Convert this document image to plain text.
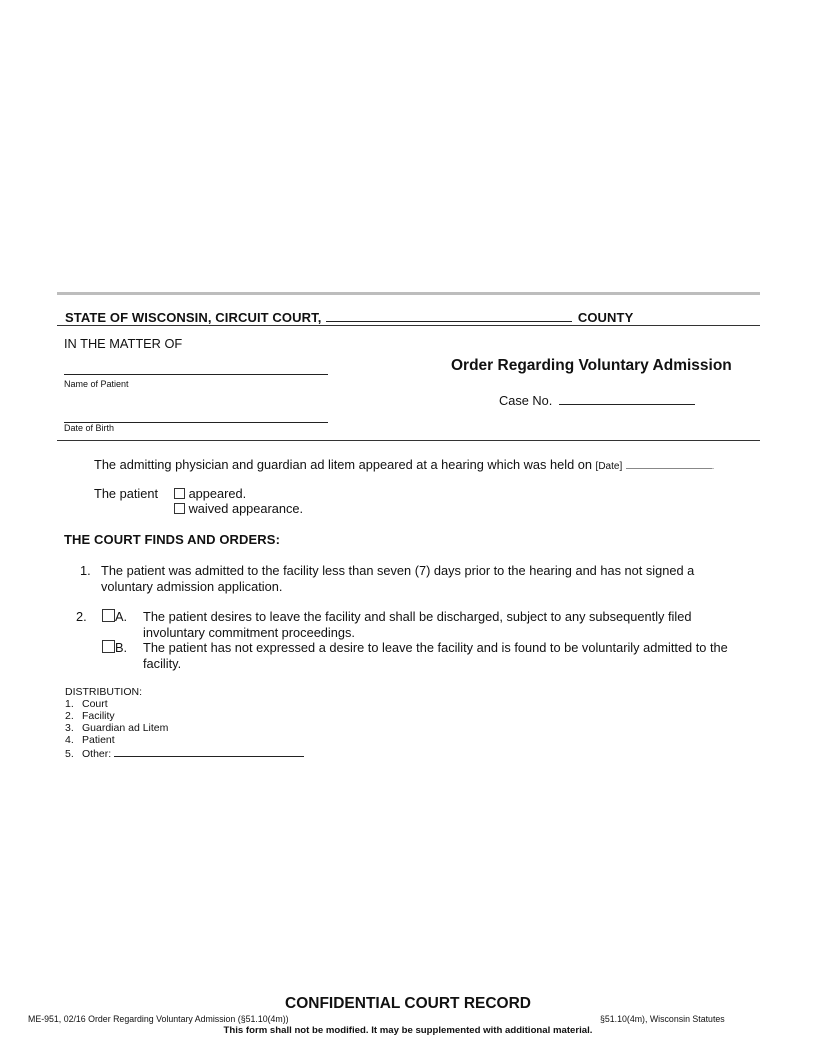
STATE OF WISCONSIN, CIRCUIT COURT,	COUNTY
IN THE MATTER OF
Name of Patient
Date of Birth
Order Regarding Voluntary Admission
Case No.
The admitting physician and guardian ad litem appeared at a hearing which was held on [Date]	.
The patient	appeared.
waived appearance.
THE COURT FINDS AND ORDERS:
1. The patient was admitted to the facility less than seven (7) days prior to the hearing and has not signed a
voluntary admission application.
2.	A. The patient desires to leave the facility and shall be discharged, subject to any subsequently filed
involuntary commitment proceedings.
B. The patient has not expressed a desire to leave the facility and is found to be voluntarily admitted to the
facility.
DISTRIBUTION:
1. Court
2. Facility
3. Guardian ad Litem
4. Patient
5. Other:
CONFIDENTIAL COURT RECORD
ME-951, 02/16 Order Regarding Voluntary Admission (§51.10(4m))	§51.10(4m), Wisconsin Statutes
This form shall not be modified. It may be supplemented with additional material.
